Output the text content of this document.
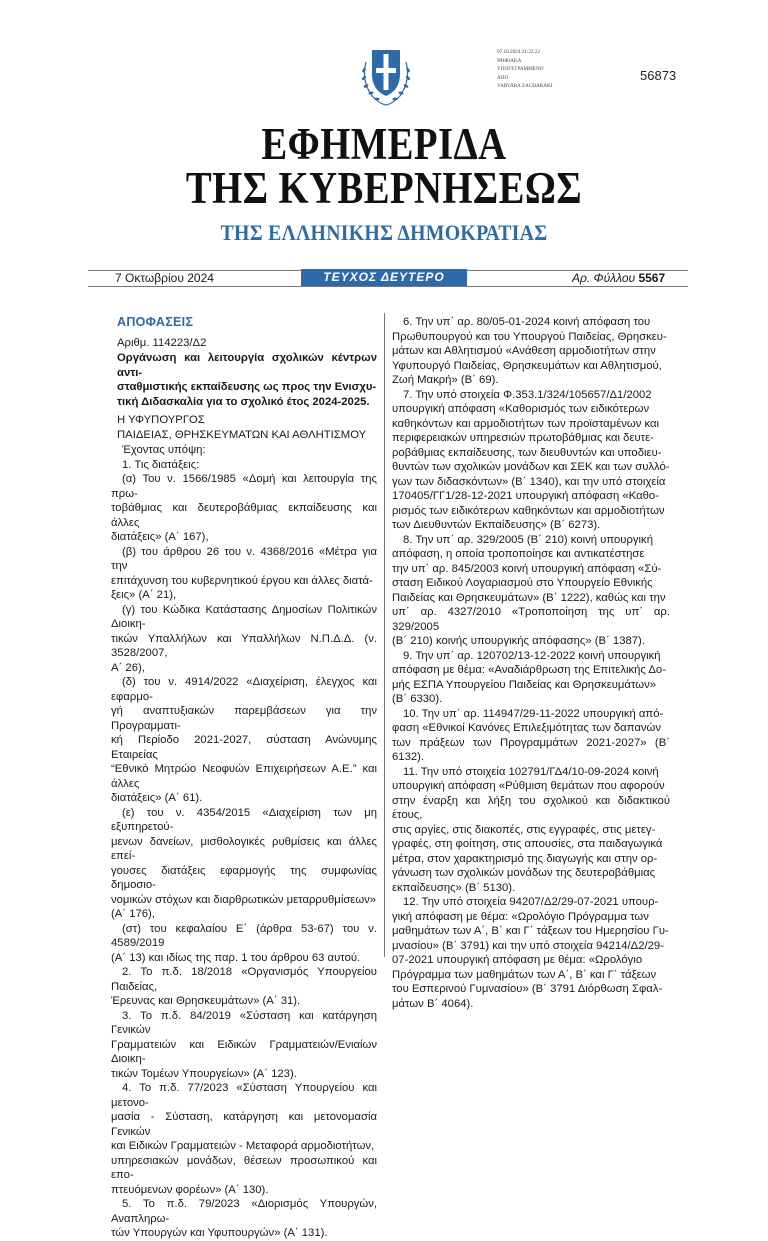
07.10.2024 21:32:22
ΨΗΦΙΑΚΑ
ΥΠΟΓΕΓΡΑΜΜΕΝΟ
ΑΠΟ
VARVARA ZACHARAKI
56873
ΕΦΗΜΕΡΙΔΑ
ΤΗΣ ΚΥΒΕΡΝΗΣΕΩΣ
ΤΗΣ ΕΛΛΗΝΙΚΗΣ ΔΗΜΟΚΡΑΤΙΑΣ
7 Οκτωβρίου 2024	ΤΕΥΧΟΣ ΔΕΥΤΕΡΟ	Αρ. Φύλλου 5567
ΑΠΟΦΑΣΕΙΣ
Αριθμ. 114223/Δ2
Οργάνωση και λειτουργία σχολικών κέντρων αντι-
σταθμιστικής εκπαίδευσης ως προς την Ενισχυ-
τική Διδασκαλία για το σχολικό έτος 2024-2025.
Η ΥΦΥΠΟΥΡΓΟΣ
ΠΑΙΔΕΙΑΣ, ΘΡΗΣΚΕΥΜΑΤΩΝ ΚΑΙ ΑΘΛΗΤΙΣΜΟΥ

Έχοντας υπόψη:

1. Τις διατάξεις:

(α) Του ν. 1566/1985 «Δομή και λειτουργία της πρω-
τοβάθμιας και δευτεροβάθμιας εκπαίδευσης και άλλες
διατάξεις» (Α΄ 167),

(β) του άρθρου 26 του ν. 4368/2016 «Μέτρα για την
επιτάχυνση του κυβερνητικού έργου και άλλες διατά-
ξεις» (Α΄ 21),

(γ) του Κώδικα Κατάστασης Δημοσίων Πολιτικών Διοικη-
τικών Υπαλλήλων και Υπαλλήλων Ν.Π.Δ.Δ. (ν. 3528/2007,
Α΄ 26),

(δ) του ν. 4914/2022 «Διαχείριση, έλεγχος και εφαρμο-
γή αναπτυξιακών παρεμβάσεων για την Προγραμματι-
κή Περίοδο 2021-2027, σύσταση Ανώνυμης Εταιρείας
“Εθνικό Μητρώο Νεοφυών Επιχειρήσεων Α.Ε.” και άλλες
διατάξεις» (Α΄ 61).

(ε) του ν. 4354/2015 «Διαχείριση των μη εξυπηρετού-
μενων δανείων, μισθολογικές ρυθμίσεις και άλλες επεί-
γουσες διατάξεις εφαρμογής της συμφωνίας δημοσιο-
νομικών στόχων και διαρθρωτικών μεταρρυθμίσεων»
(Α΄ 176),

(στ) του κεφαλαίου Ε΄ (άρθρα 53-67) του ν. 4589/2019
(Α΄ 13) και ιδίως της παρ. 1 του άρθρου 63 αυτού.

2. Το π.δ. 18/2018 «Οργανισμός Υπουργείου Παιδείας,
Έρευνας και Θρησκευμάτων» (Α΄ 31).

3. Το π.δ. 84/2019 «Σύσταση και κατάργηση Γενικών
Γραμματειών και Ειδικών Γραμματειών/Ενιαίων Διοικη-
τικών Τομέων Υπουργείων» (Α΄ 123).

4. Το π.δ. 77/2023 «Σύσταση Υπουργείου και μετονο-
μασία - Σύσταση, κατάργηση και μετονομασία Γενικών
και Ειδικών Γραμματειών - Μεταφορά αρμοδιοτήτων,
υπηρεσιακών μονάδων, θέσεων προσωπικού και επο-
πτευόμενων φορέων» (Α΄ 130).

5. Το π.δ. 79/2023 «Διορισμός Υπουργών, Αναπληρω-
τών Υπουργών και Υφυπουργών» (Α΄ 131).

6. Την υπ΄ αρ. 80/05-01-2024 κοινή απόφαση του
Πρωθυπουργού και του Υπουργού Παιδείας, Θρησκευ-
μάτων και Αθλητισμού «Ανάθεση αρμοδιοτήτων στην
Υφυπουργό Παιδείας, Θρησκευμάτων και Αθλητισμού,
Ζωή Μακρή» (Β΄ 69).

7. Την υπό στοιχεία Φ.353.1/324/105657/Δ1/2002
υπουργική απόφαση «Καθορισμός των ειδικότερων
καθηκόντων και αρμοδιοτήτων των προϊσταμένων και
περιφερειακών υπηρεσιών πρωτοβάθμιας και δευτε-
ροβάθμιας εκπαίδευσης, των διευθυντών και υποδιευ-
θυντών των σχολικών μονάδων και ΣΕΚ και των συλλό-
γων των διδασκόντων» (Β΄ 1340), και την υπό στοιχεία
170405/ΓΓ1/28-12-2021 υπουργική απόφαση «Καθο-
ρισμός των ειδικότερων καθηκόντων και αρμοδιοτήτων
των Διευθυντών Εκπαίδευσης» (Β΄ 6273).

8. Την υπ΄ αρ. 329/2005 (Β΄ 210) κοινή υπουργική
απόφαση, η οποία τροποποίησε και αντικατέστησε
την υπ΄ αρ. 845/2003 κοινή υπουργική απόφαση «Σύ-
σταση Ειδικού Λογαριασμού στο Υπουργείο Εθνικής
Παιδείας και Θρησκευμάτων» (Β΄ 1222), καθώς και την
υπ΄ αρ. 4327/2010 «Τροποποίηση της υπ΄ αρ. 329/2005
(Β΄ 210) κοινής υπουργικής απόφασης» (Β΄ 1387).

9. Την υπ΄ αρ. 120702/13-12-2022 κοινή υπουργική
απόφαση με θέμα: «Αναδιάρθρωση της Επιτελικής Δο-
μής ΕΣΠΑ Υπουργείου Παιδείας και Θρησκευμάτων»
(Β΄ 6330).

10. Την υπ΄ αρ. 114947/29-11-2022 υπουργική από-
φαση «Εθνικοί Κανόνες Επιλεξιμότητας των δαπανών
των πράξεων των Προγραμμάτων 2021-2027» (Β΄ 6132).

11. Την υπό στοιχεία 102791/ΓΔ4/10-09-2024 κοινή
υπουργική απόφαση «Ρύθμιση θεμάτων που αφορούν
στην έναρξη και λήξη του σχολικού και διδακτικού έτους,
στις αργίες, στις διακοπές, στις εγγραφές, στις μετεγ-
γραφές, στη φοίτηση, στις απουσίες, στα παιδαγωγικά
μέτρα, στον χαρακτηρισμό της διαγωγής και στην ορ-
γάνωση των σχολικών μονάδων της δευτεροβάθμιας
εκπαίδευσης» (Β΄ 5130).

12. Την υπό στοιχεία 94207/Δ2/29-07-2021 υπουρ-
γική απόφαση με θέμα: «Ωρολόγιο Πρόγραμμα των
μαθημάτων των Α΄, Β΄ και Γ΄ τάξεων του Ημερησίου Γυ-
μνασίου» (Β΄ 3791) και την υπό στοιχεία 94214/Δ2/29-
07-2021 υπουργική απόφαση με θέμα: «Ωρολόγιο
Πρόγραμμα των μαθημάτων των Α΄, Β΄ και Γ΄ τάξεων
του Εσπερινού Γυμνασίου» (Β΄ 3791 Διόρθωση Σφαλ-
μάτων Β΄ 4064).
